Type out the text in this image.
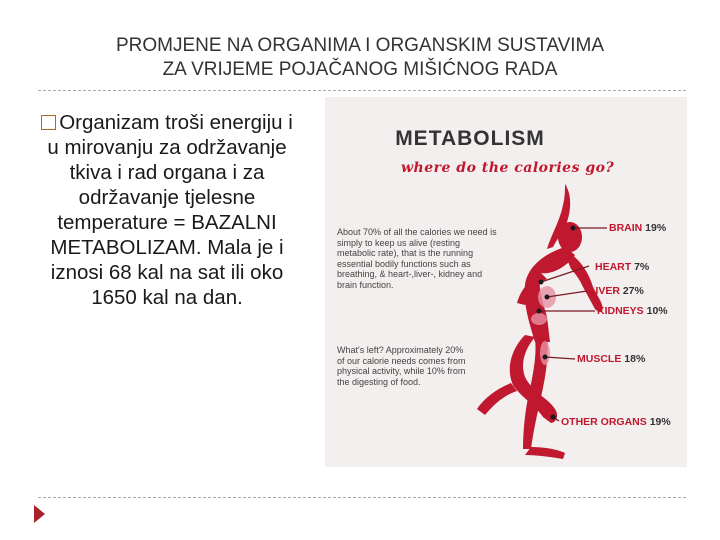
PROMJENE NA ORGANIMA I ORGANSKIM SUSTAVIMA
ZA VRIJEME POJAČANOG MIŠIĆNOG RADA
Organizam troši energiju i u mirovanju za održavanje tkiva i rad organa i za održavanje tjelesne temperature = BAZALNI METABOLIZAM. Mala je i iznosi 68 kal na sat ili oko 1650 kal na dan.
METABOLISM
where do the calories go?
About 70% of all the calories we need is simply to keep us alive (resting metabolic rate), that is the running essential bodily functions such as breathing, & heart-,liver-, kidney and brain function.
What's left? Approximately 20% of our calorie needs comes from physical activity, while 10% from the digesting of food.
BRAIN 19%
HEART 7%
LIVER 27%
KIDNEYS 10%
MUSCLE 18%
OTHER ORGANS 19%
